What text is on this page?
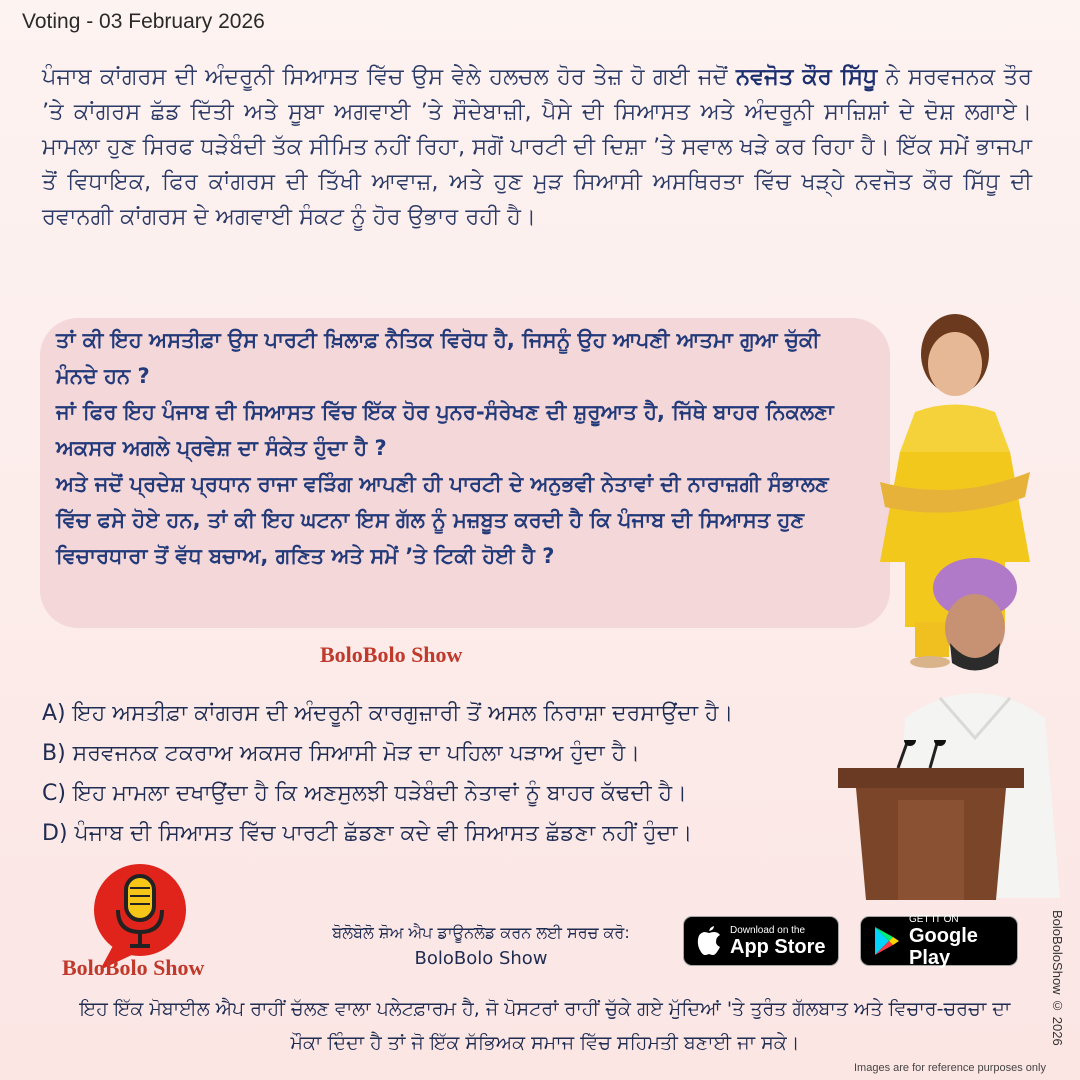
Voting - 03 February 2026
ਪੰਜਾਬ ਕਾਂਗਰਸ ਦੀ ਅੰਦਰੂਨੀ ਸਿਆਸਤ ਵਿੱਚ ਉਸ ਵੇਲੇ ਹਲਚਲ ਹੋਰ ਤੇਜ਼ ਹੋ ਗਈ ਜਦੋਂ ਨਵਜੋਤ ਕੌਰ ਸਿੱਧੂ ਨੇ ਸਰਵਜਨਕ ਤੌਰ ’ਤੇ ਕਾਂਗਰਸ ਛੱਡ ਦਿੱਤੀ ਅਤੇ ਸੂਬਾ ਅਗਵਾਈ ’ਤੇ ਸੌਦੇਬਾਜ਼ੀ, ਪੈਸੇ ਦੀ ਸਿਆਸਤ ਅਤੇ ਅੰਦਰੂਨੀ ਸਾਜ਼ਿਸ਼ਾਂ ਦੇ ਦੋਸ਼ ਲਗਾਏ। ਮਾਮਲਾ ਹੁਣ ਸਿਰਫ ਧੜੇਬੰਦੀ ਤੱਕ ਸੀਮਿਤ ਨਹੀਂ ਰਿਹਾ, ਸਗੋਂ ਪਾਰਟੀ ਦੀ ਦਿਸ਼ਾ ’ਤੇ ਸਵਾਲ ਖੜੇ ਕਰ ਰਿਹਾ ਹੈ। ਇੱਕ ਸਮੇਂ ਭਾਜਪਾ ਤੋਂ ਵਿਧਾਇਕ, ਫਿਰ ਕਾਂਗਰਸ ਦੀ ਤਿੱਖੀ ਆਵਾਜ਼, ਅਤੇ ਹੁਣ ਮੁੜ ਸਿਆਸੀ ਅਸਥਿਰਤਾ ਵਿੱਚ ਖੜ੍ਹੇ ਨਵਜੋਤ ਕੌਰ ਸਿੱਧੂ ਦੀ ਰਵਾਨਗੀ ਕਾਂਗਰਸ ਦੇ ਅਗਵਾਈ ਸੰਕਟ ਨੂੰ ਹੋਰ ਉਭਾਰ ਰਹੀ ਹੈ।
ਤਾਂ ਕੀ ਇਹ ਅਸਤੀਫ਼ਾ ਉਸ ਪਾਰਟੀ ਖ਼ਿਲਾਫ਼ ਨੈਤਿਕ ਵਿਰੋਧ ਹੈ, ਜਿਸਨੂੰ ਉਹ ਆਪਣੀ ਆਤਮਾ ਗੁਆ ਚੁੱਕੀ ਮੰਨਦੇ ਹਨ ?
ਜਾਂ ਫਿਰ ਇਹ ਪੰਜਾਬ ਦੀ ਸਿਆਸਤ ਵਿੱਚ ਇੱਕ ਹੋਰ ਪੁਨਰ-ਸੰਰੇਖਣ ਦੀ ਸ਼ੁਰੂਆਤ ਹੈ, ਜਿੱਥੇ ਬਾਹਰ ਨਿਕਲਣਾ ਅਕਸਰ ਅਗਲੇ ਪ੍ਰਵੇਸ਼ ਦਾ ਸੰਕੇਤ ਹੁੰਦਾ ਹੈ ?
ਅਤੇ ਜਦੋਂ ਪ੍ਰਦੇਸ਼ ਪ੍ਰਧਾਨ ਰਾਜਾ ਵੜਿੰਗ ਆਪਣੀ ਹੀ ਪਾਰਟੀ ਦੇ ਅਨੁਭਵੀ ਨੇਤਾਵਾਂ ਦੀ ਨਾਰਾਜ਼ਗੀ ਸੰਭਾਲਣ ਵਿੱਚ ਫਸੇ ਹੋਏ ਹਨ, ਤਾਂ ਕੀ ਇਹ ਘਟਨਾ ਇਸ ਗੱਲ ਨੂੰ ਮਜ਼ਬੂਤ ਕਰਦੀ ਹੈ ਕਿ ਪੰਜਾਬ ਦੀ ਸਿਆਸਤ ਹੁਣ ਵਿਚਾਰਧਾਰਾ ਤੋਂ ਵੱਧ ਬਚਾਅ, ਗਣਿਤ ਅਤੇ ਸਮੇਂ ’ਤੇ ਟਿਕੀ ਹੋਈ ਹੈ ?
BoloBolo Show
A) ਇਹ ਅਸਤੀਫ਼ਾ ਕਾਂਗਰਸ ਦੀ ਅੰਦਰੂਨੀ ਕਾਰਗੁਜ਼ਾਰੀ ਤੋਂ ਅਸਲ ਨਿਰਾਸ਼ਾ ਦਰਸਾਉਂਦਾ ਹੈ।
B) ਸਰਵਜਨਕ ਟਕਰਾਅ ਅਕਸਰ ਸਿਆਸੀ ਮੋੜ ਦਾ ਪਹਿਲਾ ਪੜਾਅ ਹੁੰਦਾ ਹੈ।
C) ਇਹ ਮਾਮਲਾ ਦਖਾਉਂਦਾ ਹੈ ਕਿ ਅਣਸੁਲਝੀ ਧੜੇਬੰਦੀ ਨੇਤਾਵਾਂ ਨੂੰ ਬਾਹਰ ਕੱਢਦੀ ਹੈ।
D) ਪੰਜਾਬ ਦੀ ਸਿਆਸਤ ਵਿੱਚ ਪਾਰਟੀ ਛੱਡਣਾ ਕਦੇ ਵੀ ਸਿਆਸਤ ਛੱਡਣਾ ਨਹੀਂ ਹੁੰਦਾ।
BoloBolo Show
ਬੋਲੋਬੋਲੋ ਸ਼ੋਅ ਐਪ ਡਾਊਨਲੋਡ ਕਰਨ ਲਈ ਸਰਚ ਕਰੋ:
BoloBolo Show
Download on the
App Store
GET IT ON
Google Play
ਇਹ ਇੱਕ ਮੋਬਾਈਲ ਐਪ ਰਾਹੀਂ ਚੱਲਣ ਵਾਲਾ ਪਲੇਟਫ਼ਾਰਮ ਹੈ, ਜੋ ਪੋਸਟਰਾਂ ਰਾਹੀਂ ਚੁੱਕੇ ਗਏ ਮੁੱਦਿਆਂ 'ਤੇ ਤੁਰੰਤ ਗੱਲਬਾਤ ਅਤੇ ਵਿਚਾਰ-ਚਰਚਾ ਦਾ ਮੌਕਾ ਦਿੰਦਾ ਹੈ ਤਾਂ ਜੋ ਇੱਕ ਸੱਭਿਅਕ ਸਮਾਜ ਵਿੱਚ ਸਹਿਮਤੀ ਬਣਾਈ ਜਾ ਸਕੇ।	BoloBoloShow © 2026
Images are for reference purposes only
